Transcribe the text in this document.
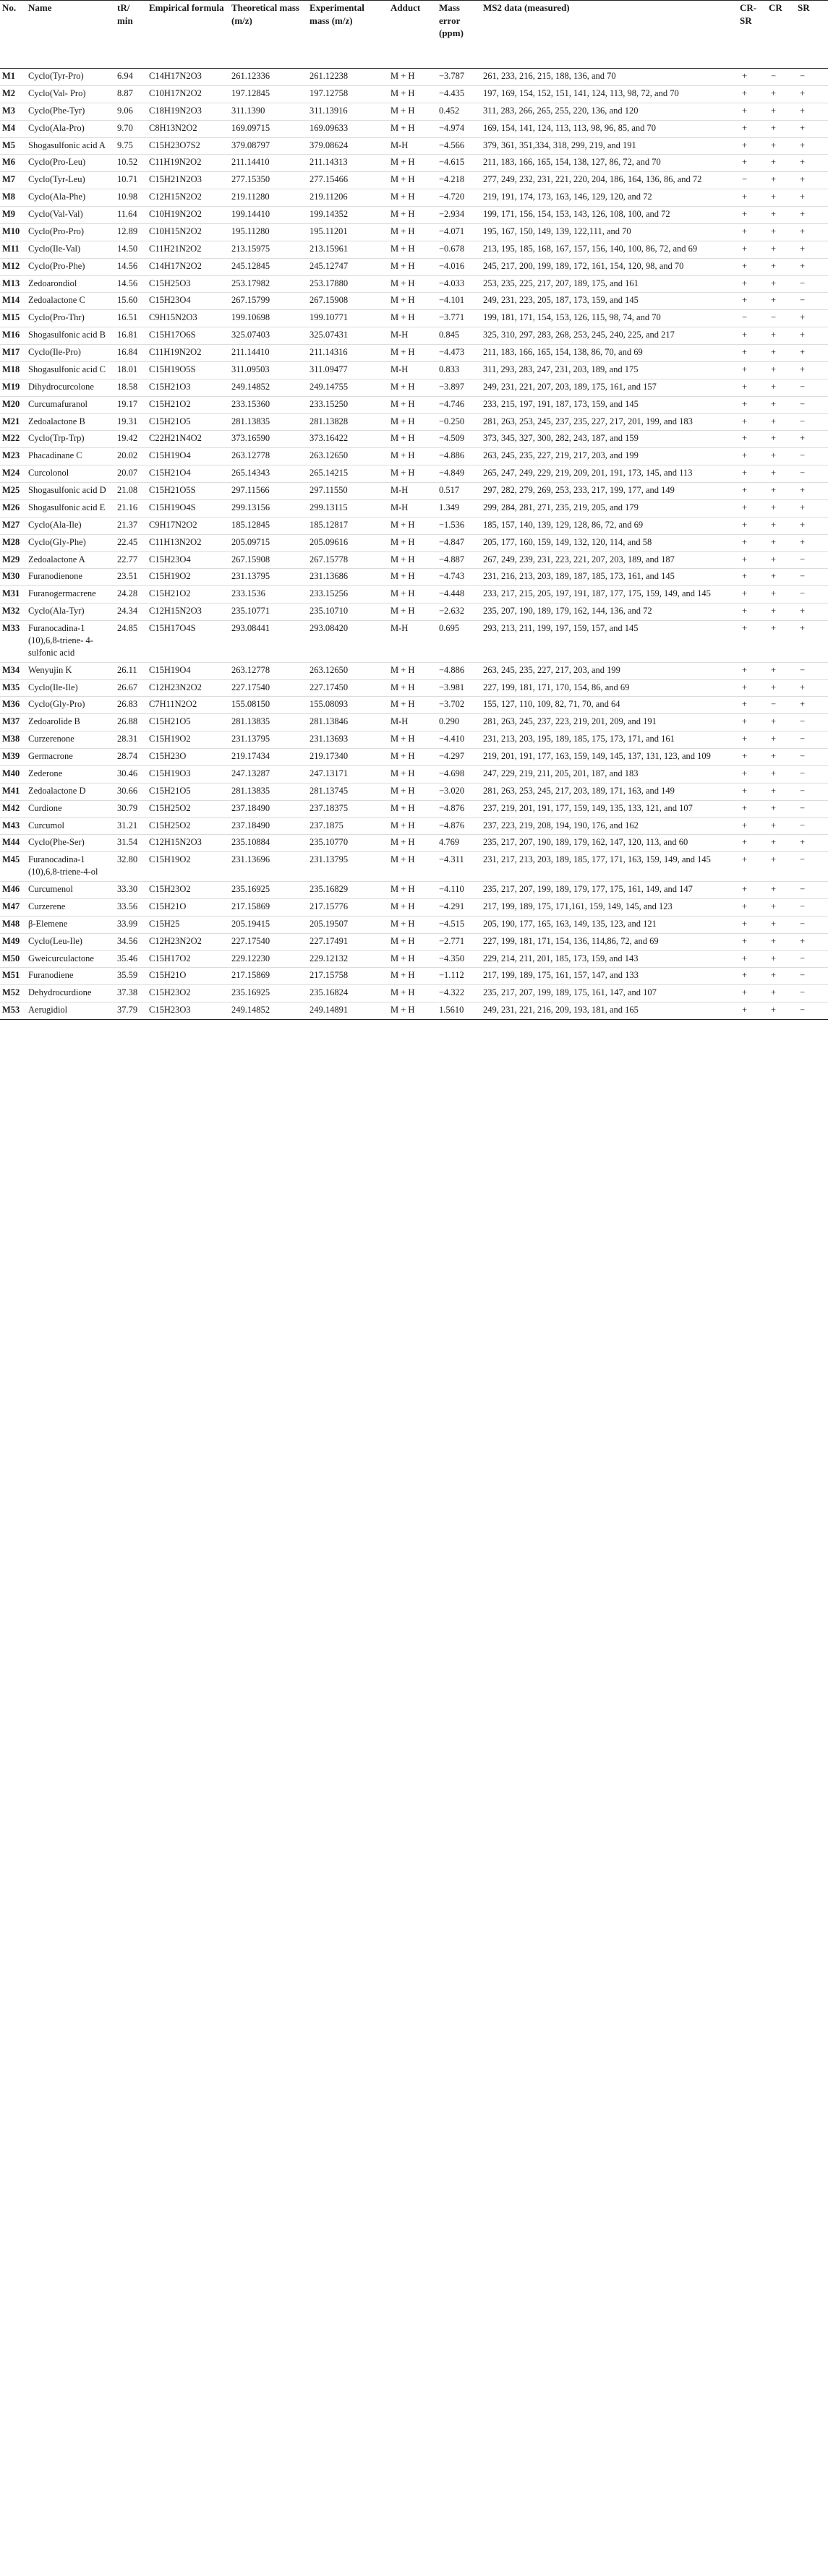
No.	Name	tR/ min	Empirical formula	Theoretical mass (m/z)	Experimental mass (m/z)	Adduct	Mass error (ppm)	MS2 data (measured)	CR-SR	CR	SR
M1	Cyclo(Tyr-Pro)	6.94	C14H17N2O3	261.12336	261.12238	M + H	−3.787	261, 233, 216, 215, 188, 136, and 70	+	−	−
M2	Cyclo(Val- Pro)	8.87	C10H17N2O2	197.12845	197.12758	M + H	−4.435	197, 169, 154, 152, 151, 141, 124, 113, 98, 72, and 70	+	+	+
M3	Cyclo(Phe-Tyr)	9.06	C18H19N2O3	311.1390	311.13916	M + H	0.452	311, 283, 266, 265, 255, 220, 136, and 120	+	+	+
M4	Cyclo(Ala-Pro)	9.70	C8H13N2O2	169.09715	169.09633	M + H	−4.974	169, 154, 141, 124, 113, 113, 98, 96, 85, and 70	+	+	+
M5	Shogasulfonic acid A	9.75	C15H23O7S2	379.08797	379.08624	M-H	−4.566	379, 361, 351,334, 318, 299, 219, and 191	+	+	+
M6	Cyclo(Pro-Leu)	10.52	C11H19N2O2	211.14410	211.14313	M + H	−4.615	211, 183, 166, 165, 154, 138, 127, 86, 72, and 70	+	+	+
M7	Cyclo(Tyr-Leu)	10.71	C15H21N2O3	277.15350	277.15466	M + H	−4.218	277, 249, 232, 231, 221, 220, 204, 186, 164, 136, 86, and 72	−	+	+
M8	Cyclo(Ala-Phe)	10.98	C12H15N2O2	219.11280	219.11206	M + H	−4.720	219, 191, 174, 173, 163, 146, 129, 120, and 72	+	+	+
M9	Cyclo(Val-Val)	11.64	C10H19N2O2	199.14410	199.14352	M + H	−2.934	199, 171, 156, 154, 153, 143, 126, 108, 100, and 72	+	+	+
M10	Cyclo(Pro-Pro)	12.89	C10H15N2O2	195.11280	195.11201	M + H	−4.071	195, 167, 150, 149, 139, 122,111, and 70	+	+	+
M11	Cyclo(Ile-Val)	14.50	C11H21N2O2	213.15975	213.15961	M + H	−0.678	213, 195, 185, 168, 167, 157, 156, 140, 100, 86, 72, and 69	+	+	+
M12	Cyclo(Pro-Phe)	14.56	C14H17N2O2	245.12845	245.12747	M + H	−4.016	245, 217, 200, 199, 189, 172, 161, 154, 120, 98, and 70	+	+	+
M13	Zedoarondiol	14.56	C15H25O3	253.17982	253.17880	M + H	−4.033	253, 235, 225, 217, 207, 189, 175, and 161	+	+	−
M14	Zedoalactone C	15.60	C15H23O4	267.15799	267.15908	M + H	−4.101	249, 231, 223, 205, 187, 173, 159, and 145	+	+	−
M15	Cyclo(Pro-Thr)	16.51	C9H15N2O3	199.10698	199.10771	M + H	−3.771	199, 181, 171, 154, 153, 126, 115, 98, 74, and 70	−	−	+
M16	Shogasulfonic acid B	16.81	C15H17O6S	325.07403	325.07431	M-H	0.845	325, 310, 297, 283, 268, 253, 245, 240, 225, and 217	+	+	+
M17	Cyclo(Ile-Pro)	16.84	C11H19N2O2	211.14410	211.14316	M + H	−4.473	211, 183, 166, 165, 154, 138, 86, 70, and 69	+	+	+
M18	Shogasulfonic acid C	18.01	C15H19O5S	311.09503	311.09477	M-H	0.833	311, 293, 283, 247, 231, 203, 189, and 175	+	+	+
M19	Dihydrocurcolone	18.58	C15H21O3	249.14852	249.14755	M + H	−3.897	249, 231, 221, 207, 203, 189, 175, 161, and 157	+	+	−
M20	Curcumafuranol	19.17	C15H21O2	233.15360	233.15250	M + H	−4.746	233, 215, 197, 191, 187, 173, 159, and 145	+	+	−
M21	Zedoalactone B	19.31	C15H21O5	281.13835	281.13828	M + H	−0.250	281, 263, 253, 245, 237, 235, 227, 217, 201, 199, and 183	+	+	−
M22	Cyclo(Trp-Trp)	19.42	C22H21N4O2	373.16590	373.16422	M + H	−4.509	373, 345, 327, 300, 282, 243, 187, and 159	+	+	+
M23	Phacadinane C	20.02	C15H19O4	263.12778	263.12650	M + H	−4.886	263, 245, 235, 227, 219, 217, 203, and 199	+	+	−
M24	Curcolonol	20.07	C15H21O4	265.14343	265.14215	M + H	−4.849	265, 247, 249, 229, 219, 209, 201, 191, 173, 145, and 113	+	+	−
M25	Shogasulfonic acid D	21.08	C15H21O5S	297.11566	297.11550	M-H	0.517	297, 282, 279, 269, 253, 233, 217, 199, 177, and 149	+	+	+
M26	Shogasulfonic acid E	21.16	C15H19O4S	299.13156	299.13115	M-H	1.349	299, 284, 281, 271, 235, 219, 205, and 179	+	+	+
M27	Cyclo(Ala-Ile)	21.37	C9H17N2O2	185.12845	185.12817	M + H	−1.536	185, 157, 140, 139, 129, 128, 86, 72, and 69	+	+	+
M28	Cyclo(Gly-Phe)	22.45	C11H13N2O2	205.09715	205.09616	M + H	−4.847	205, 177, 160, 159, 149, 132, 120, 114, and 58	+	+	+
M29	Zedoalactone A	22.77	C15H23O4	267.15908	267.15778	M + H	−4.887	267, 249, 239, 231, 223, 221, 207, 203, 189, and 187	+	+	−
M30	Furanodienone	23.51	C15H19O2	231.13795	231.13686	M + H	−4.743	231, 216, 213, 203, 189, 187, 185, 173, 161, and 145	+	+	−
M31	Furanogermacrene	24.28	C15H21O2	233.1536	233.15256	M + H	−4.448	233, 217, 215, 205, 197, 191, 187, 177, 175, 159, 149, and 145	+	+	−
M32	Cyclo(Ala-Tyr)	24.34	C12H15N2O3	235.10771	235.10710	M + H	−2.632	235, 207, 190, 189, 179, 162, 144, 136, and 72	+	+	+
M33	Furanocadina-1 (10),6,8-triene- 4-sulfonic acid	24.85	C15H17O4S	293.08441	293.08420	M-H	0.695	293, 213, 211, 199, 197, 159, 157, and 145	+	+	+
M34	Wenyujin K	26.11	C15H19O4	263.12778	263.12650	M + H	−4.886	263, 245, 235, 227, 217, 203, and 199	+	+	−
M35	Cyclo(Ile-Ile)	26.67	C12H23N2O2	227.17540	227.17450	M + H	−3.981	227, 199, 181, 171, 170, 154, 86, and 69	+	+	+
M36	Cyclo(Gly-Pro)	26.83	C7H11N2O2	155.08150	155.08093	M + H	−3.702	155, 127, 110, 109, 82, 71, 70, and 64	+	−	+
M37	Zedoarolide B	26.88	C15H21O5	281.13835	281.13846	M-H	0.290	281, 263, 245, 237, 223, 219, 201, 209, and 191	+	+	−
M38	Curzerenone	28.31	C15H19O2	231.13795	231.13693	M + H	−4.410	231, 213, 203, 195, 189, 185, 175, 173, 171, and 161	+	+	−
M39	Germacrone	28.74	C15H23O	219.17434	219.17340	M + H	−4.297	219, 201, 191, 177, 163, 159, 149, 145, 137, 131, 123, and 109	+	+	−
M40	Zederone	30.46	C15H19O3	247.13287	247.13171	M + H	−4.698	247, 229, 219, 211, 205, 201, 187, and 183	+	+	−
M41	Zedoalactone D	30.66	C15H21O5	281.13835	281.13745	M + H	−3.020	281, 263, 253, 245, 217, 203, 189, 171, 163, and 149	+	+	−
M42	Curdione	30.79	C15H25O2	237.18490	237.18375	M + H	−4.876	237, 219, 201, 191, 177, 159, 149, 135, 133, 121, and 107	+	+	−
M43	Curcumol	31.21	C15H25O2	237.18490	237.1875	M + H	−4.876	237, 223, 219, 208, 194, 190, 176, and 162	+	+	−
M44	Cyclo(Phe-Ser)	31.54	C12H15N2O3	235.10884	235.10770	M + H	4.769	235, 217, 207, 190, 189, 179, 162, 147, 120, 113, and 60	+	+	+
M45	Furanocadina-1 (10),6,8-triene-4-ol	32.80	C15H19O2	231.13696	231.13795	M + H	−4.311	231, 217, 213, 203, 189, 185, 177, 171, 163, 159, 149, and 145	+	+	−
M46	Curcumenol	33.30	C15H23O2	235.16925	235.16829	M + H	−4.110	235, 217, 207, 199, 189, 179, 177, 175, 161, 149, and 147	+	+	−
M47	Curzerene	33.56	C15H21O	217.15869	217.15776	M + H	−4.291	217, 199, 189, 175, 171,161, 159, 149, 145, and 123	+	+	−
M48	β-Elemene	33.99	C15H25	205.19415	205.19507	M + H	−4.515	205, 190, 177, 165, 163, 149, 135, 123, and 121	+	+	−
M49	Cyclo(Leu-Ile)	34.56	C12H23N2O2	227.17540	227.17491	M + H	−2.771	227, 199, 181, 171, 154, 136, 114,86, 72, and 69	+	+	+
M50	Gweicurculactone	35.46	C15H17O2	229.12230	229.12132	M + H	−4.350	229, 214, 211, 201, 185, 173, 159, and 143	+	+	−
M51	Furanodiene	35.59	C15H21O	217.15869	217.15758	M + H	−1.112	217, 199, 189, 175, 161, 157, 147, and 133	+	+	−
M52	Dehydrocurdione	37.38	C15H23O2	235.16925	235.16824	M + H	−4.322	235, 217, 207, 199, 189, 175, 161, 147, and 107	+	+	−
M53	Aerugidiol	37.79	C15H23O3	249.14852	249.14891	M + H	1.5610	249, 231, 221, 216, 209, 193, 181, and 165	+	+	−
